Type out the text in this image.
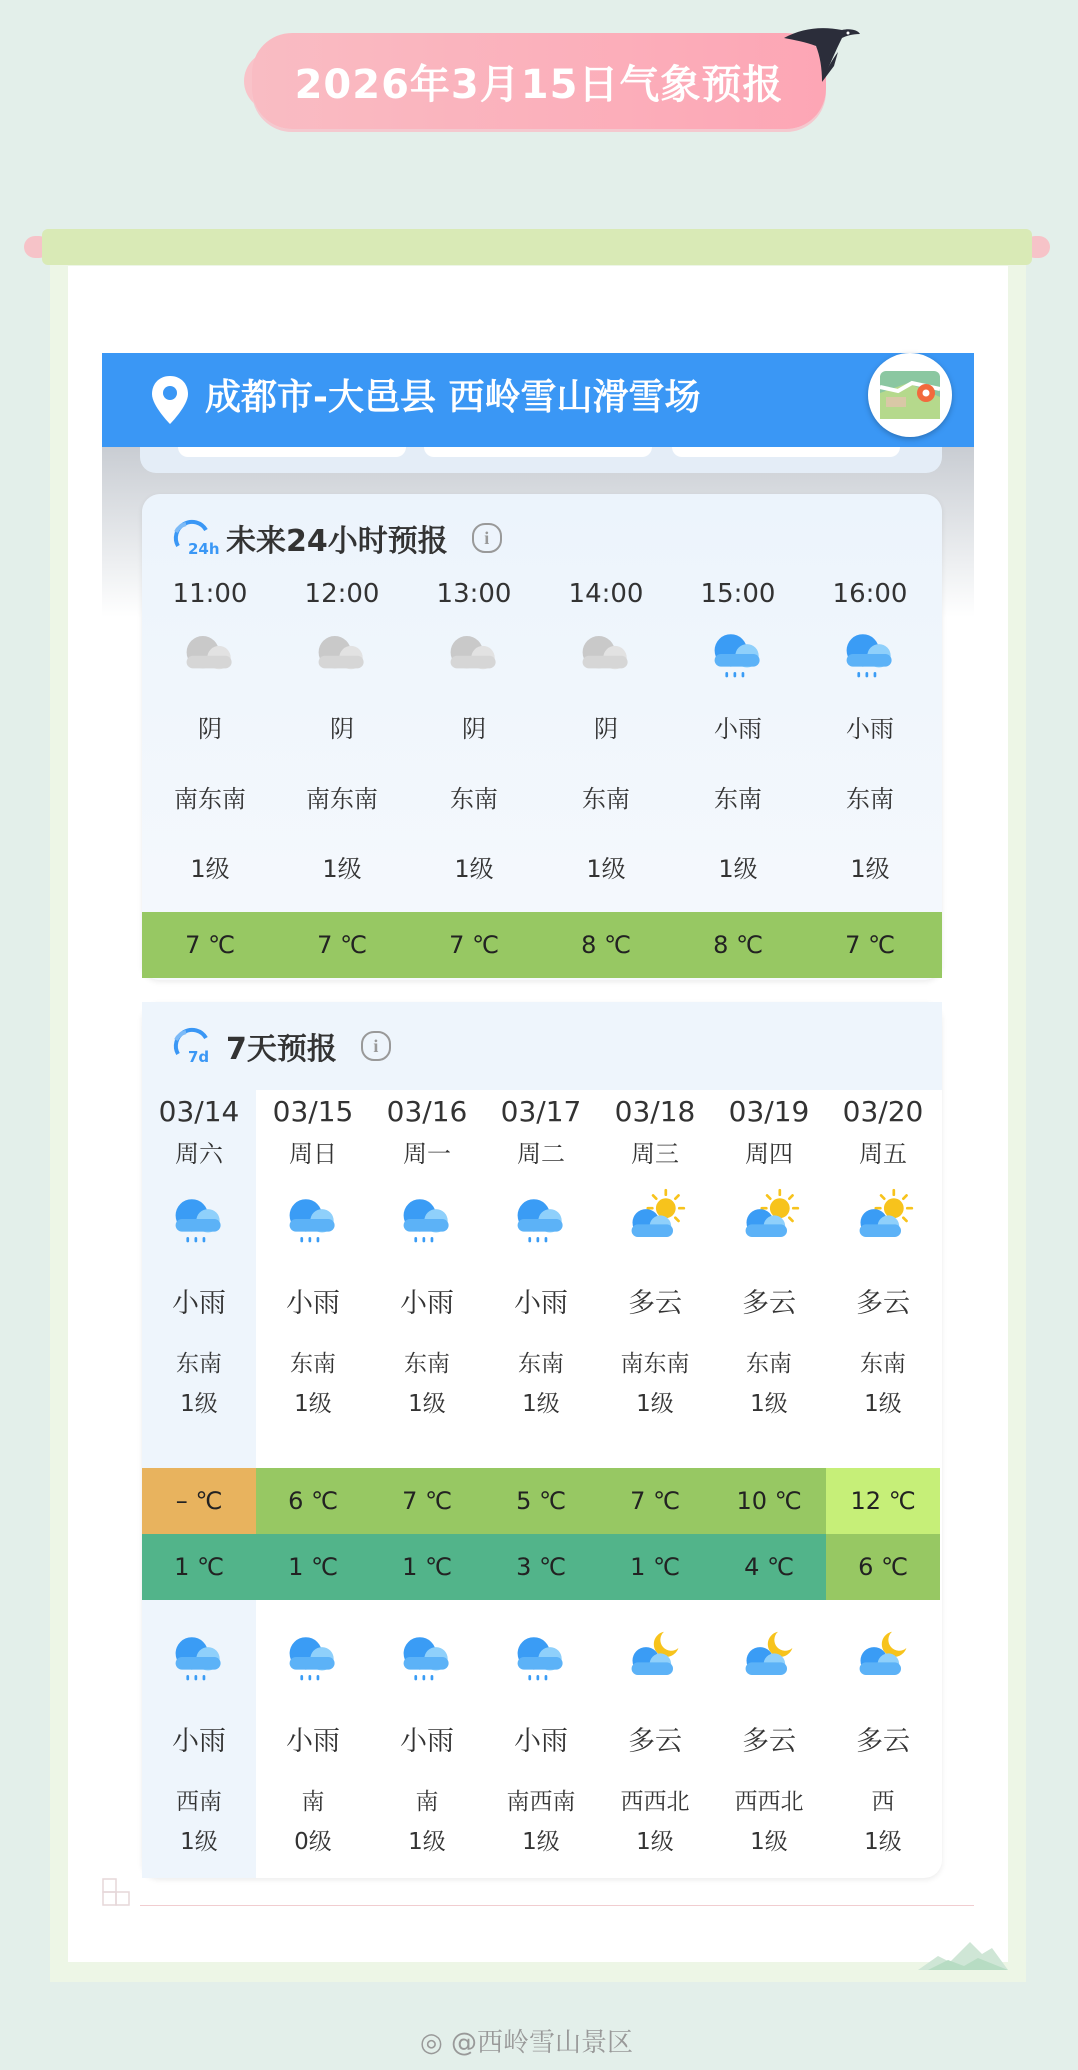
2026年3月15日气象预报
成都市-大邑县 西岭雪山滑雪场
24h 未来24小时预报	i
11:00
阴
南东南
1级
7 ℃
12:00
阴
南东南
1级
7 ℃
13:00
阴
东南
1级
7 ℃
14:00
阴
东南
1级
8 ℃
15:00
小雨
东南
1级
8 ℃
16:00
小雨
东南
1级
7 ℃
7d 7天预报	i
03/14
周六
小雨
东南
1级
– ℃
1 ℃
小雨
西南
1级
03/15
周日
小雨
东南
1级
6 ℃
1 ℃
小雨
南
0级
03/16
周一
小雨
东南
1级
7 ℃
1 ℃
小雨
南
1级
03/17
周二
小雨
东南
1级
5 ℃
3 ℃
小雨
南西南
1级
03/18
周三
多云
南东南
1级
7 ℃
1 ℃
多云
西西北
1级
03/19
周四
多云
东南
1级
10 ℃
4 ℃
多云
西西北
1级
03/20
周五
多云
东南
1级
12 ℃
6 ℃
多云
西
1级
◎ @西岭雪山景区
